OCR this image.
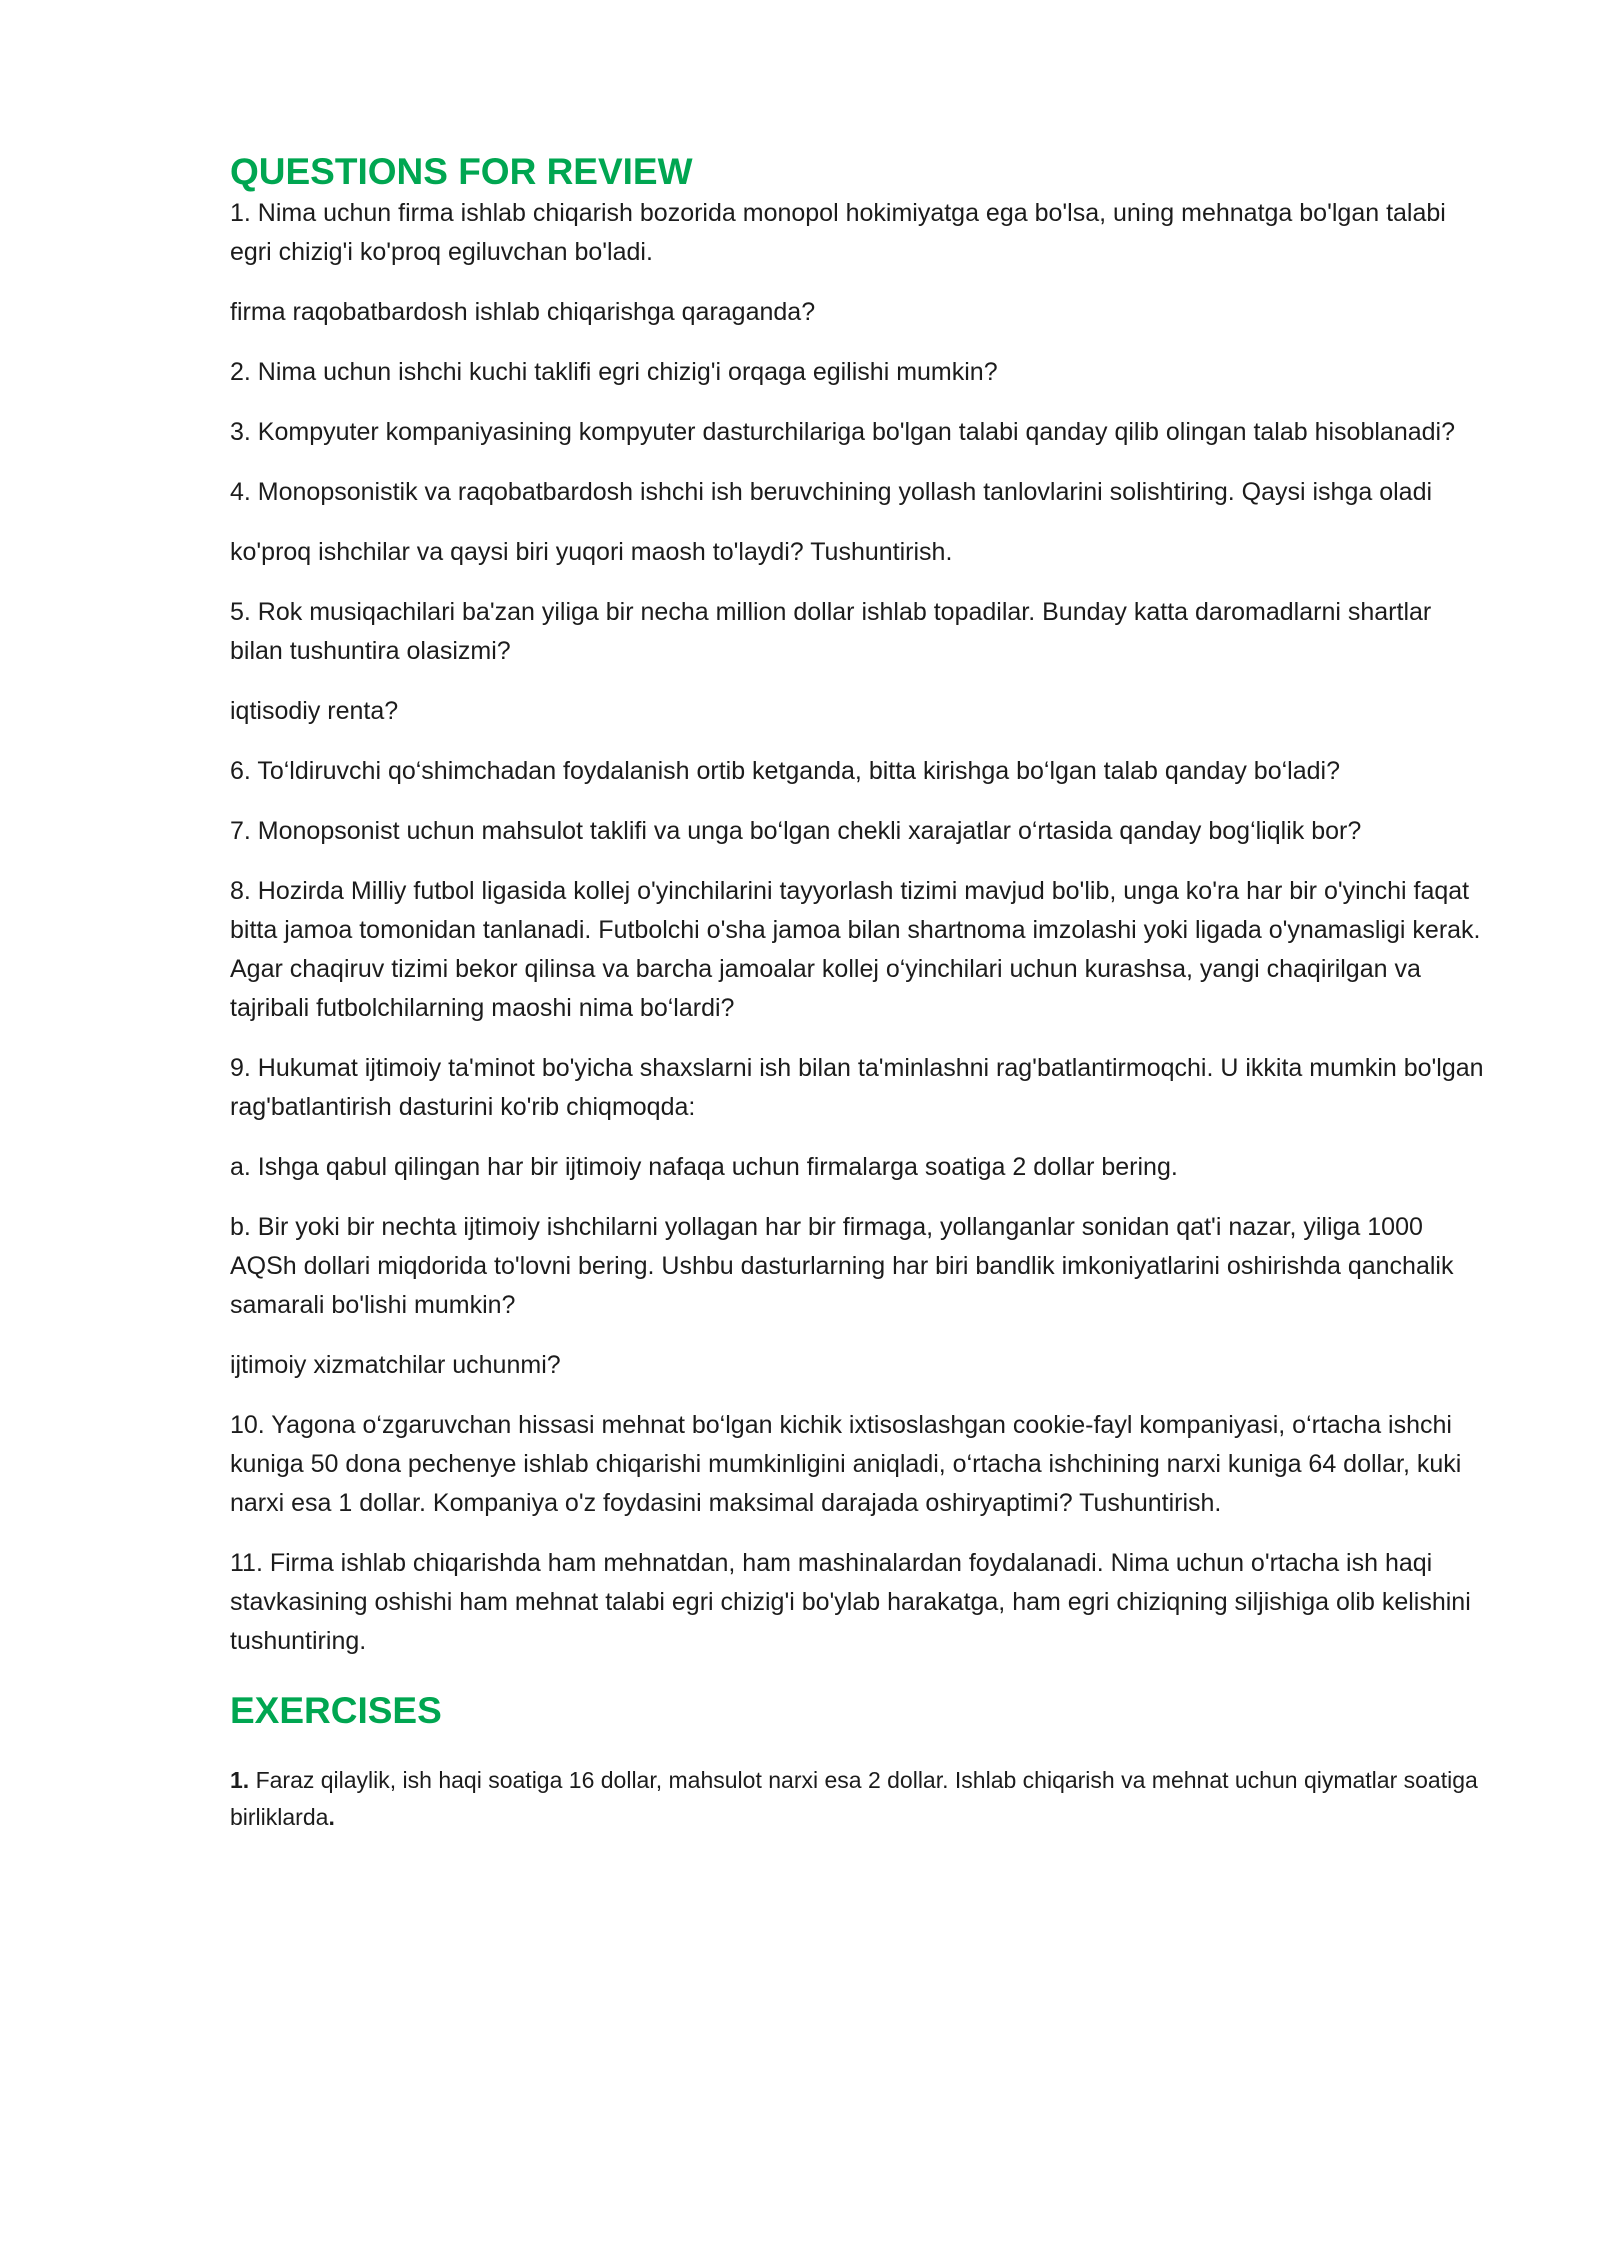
QUESTIONS FOR REVIEW

1. Nima uchun firma ishlab chiqarish bozorida monopol hokimiyatga ega bo'lsa, uning mehnatga bo'lgan talabi egri chizig'i ko'proq egiluvchan bo'ladi.

firma raqobatbardosh ishlab chiqarishga qaraganda?

2. Nima uchun ishchi kuchi taklifi egri chizig'i orqaga egilishi mumkin?

3. Kompyuter kompaniyasining kompyuter dasturchilariga bo'lgan talabi qanday qilib olingan talab hisoblanadi?

4. Monopsonistik va raqobatbardosh ishchi ish beruvchining yollash tanlovlarini solishtiring. Qaysi ishga oladi

ko'proq ishchilar va qaysi biri yuqori maosh to'laydi? Tushuntirish.

5. Rok musiqachilari ba'zan yiliga bir necha million dollar ishlab topadilar. Bunday katta daromadlarni shartlar bilan tushuntira olasizmi?

iqtisodiy renta?

6. To‘ldiruvchi qo‘shimchadan foydalanish ortib ketganda, bitta kirishga bo‘lgan talab qanday bo‘ladi?

7. Monopsonist uchun mahsulot taklifi va unga bo‘lgan chekli xarajatlar o‘rtasida qanday bog‘liqlik bor?

8. Hozirda Milliy futbol ligasida kollej o'yinchilarini tayyorlash tizimi mavjud bo'lib, unga ko'ra har bir o'yinchi faqat bitta jamoa tomonidan tanlanadi. Futbolchi o'sha jamoa bilan shartnoma imzolashi yoki ligada o'ynamasligi kerak. Agar chaqiruv tizimi bekor qilinsa va barcha jamoalar kollej o‘yinchilari uchun kurashsa, yangi chaqirilgan va tajribali futbolchilarning maoshi nima bo‘lardi?

9. Hukumat ijtimoiy ta'minot bo'yicha shaxslarni ish bilan ta'minlashni rag'batlantirmoqchi. U ikkita mumkin bo'lgan rag'batlantirish dasturini ko'rib chiqmoqda:

a. Ishga qabul qilingan har bir ijtimoiy nafaqa uchun firmalarga soatiga 2 dollar bering.

b. Bir yoki bir nechta ijtimoiy ishchilarni yollagan har bir firmaga, yollanganlar sonidan qat'i nazar, yiliga 1000 AQSh dollari miqdorida to'lovni bering. Ushbu dasturlarning har biri bandlik imkoniyatlarini oshirishda qanchalik samarali bo'lishi mumkin?

ijtimoiy xizmatchilar uchunmi?

10. Yagona o‘zgaruvchan hissasi mehnat bo‘lgan kichik ixtisoslashgan cookie-fayl kompaniyasi, o‘rtacha ishchi kuniga 50 dona pechenye ishlab chiqarishi mumkinligini aniqladi, o‘rtacha ishchining narxi kuniga 64 dollar, kuki narxi esa 1 dollar. Kompaniya o'z foydasini maksimal darajada oshiryaptimi? Tushuntirish.

11. Firma ishlab chiqarishda ham mehnatdan, ham mashinalardan foydalanadi. Nima uchun o'rtacha ish haqi stavkasining oshishi ham mehnat talabi egri chizig'i bo'ylab harakatga, ham egri chiziqning siljishiga olib kelishini tushuntiring.

EXERCISES

1. Faraz qilaylik, ish haqi soatiga 16 dollar, mahsulot narxi esa 2 dollar. Ishlab chiqarish va mehnat uchun qiymatlar soatiga birliklarda.
